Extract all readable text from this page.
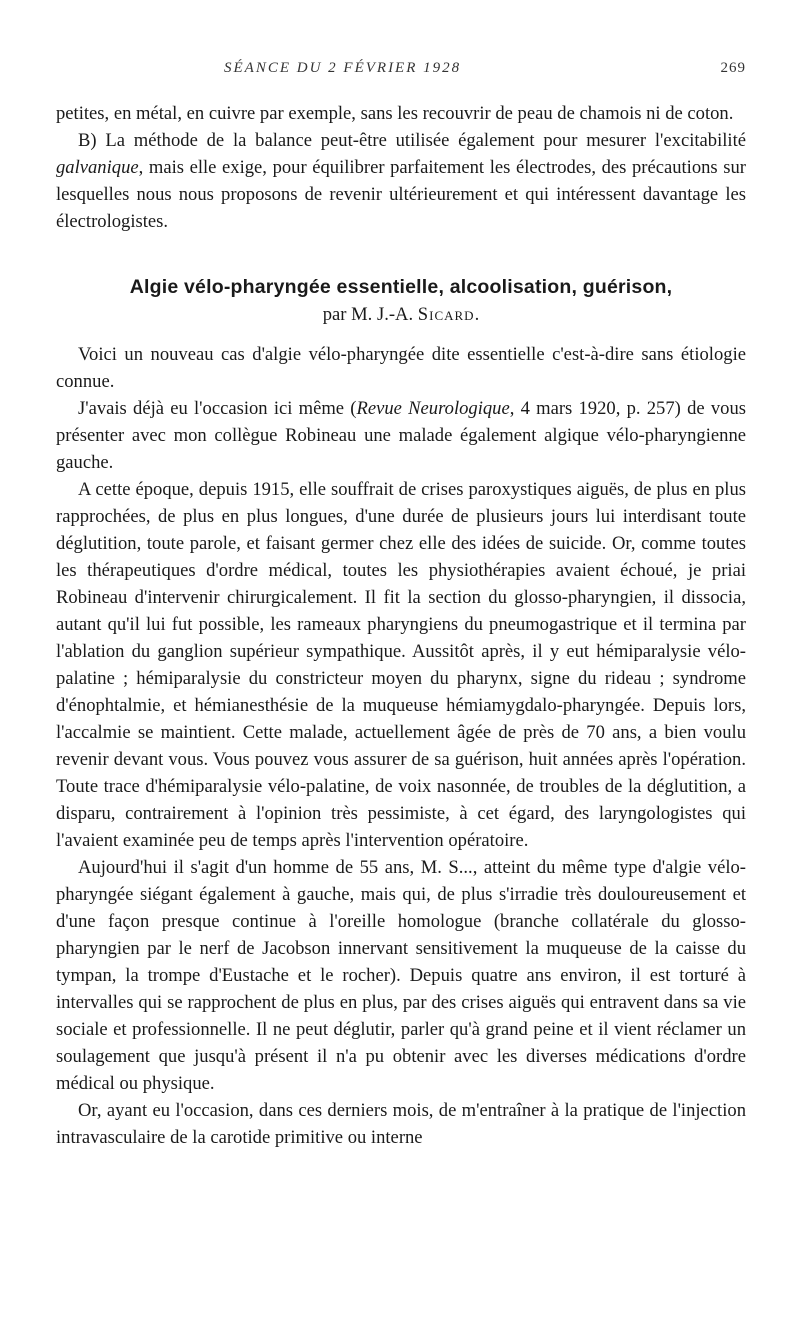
SÉANCE DU 2 FÉVRIER 1928	269

petites, en métal, en cuivre par exemple, sans les recouvrir de peau de chamois ni de coton.

B) La méthode de la balance peut-être utilisée également pour mesurer l'excitabilité galvanique, mais elle exige, pour équilibrer parfaitement les électrodes, des précautions sur lesquelles nous nous proposons de revenir ultérieurement et qui intéressent davantage les électrologistes.

Algie vélo-pharyngée essentielle, alcoolisation, guérison,
par M. J.-A. Sicard.

Voici un nouveau cas d'algie vélo-pharyngée dite essentielle c'est-à-dire sans étiologie connue.

J'avais déjà eu l'occasion ici même (Revue Neurologique, 4 mars 1920, p. 257) de vous présenter avec mon collègue Robineau une malade également algique vélo-pharyngienne gauche.

A cette époque, depuis 1915, elle souffrait de crises paroxystiques aiguës, de plus en plus rapprochées, de plus en plus longues, d'une durée de plusieurs jours lui interdisant toute déglutition, toute parole, et faisant germer chez elle des idées de suicide. Or, comme toutes les thérapeutiques d'ordre médical, toutes les physiothérapies avaient échoué, je priai Robineau d'intervenir chirurgicalement. Il fit la section du glosso-pharyngien, il dissocia, autant qu'il lui fut possible, les rameaux pharyngiens du pneumogastrique et il termina par l'ablation du ganglion supérieur sympathique. Aussitôt après, il y eut hémiparalysie vélo-palatine ; hémiparalysie du constricteur moyen du pharynx, signe du rideau ; syndrome d'énophtalmie, et hémianesthésie de la muqueuse hémiamygdalo-pharyngée. Depuis lors, l'accalmie se maintient. Cette malade, actuellement âgée de près de 70 ans, a bien voulu revenir devant vous. Vous pouvez vous assurer de sa guérison, huit années après l'opération. Toute trace d'hémiparalysie vélo-palatine, de voix nasonnée, de troubles de la déglutition, a disparu, contrairement à l'opinion très pessimiste, à cet égard, des laryngologistes qui l'avaient examinée peu de temps après l'intervention opératoire.

Aujourd'hui il s'agit d'un homme de 55 ans, M. S..., atteint du même type d'algie vélo-pharyngée siégant également à gauche, mais qui, de plus s'irradie très douloureusement et d'une façon presque continue à l'oreille homologue (branche collatérale du glosso-pharyngien par le nerf de Jacobson innervant sensitivement la muqueuse de la caisse du tympan, la trompe d'Eustache et le rocher). Depuis quatre ans environ, il est torturé à intervalles qui se rapprochent de plus en plus, par des crises aiguës qui entravent dans sa vie sociale et professionnelle. Il ne peut déglutir, parler qu'à grand peine et il vient réclamer un soulagement que jusqu'à présent il n'a pu obtenir avec les diverses médications d'ordre médical ou physique.

Or, ayant eu l'occasion, dans ces derniers mois, de m'entraîner à la pratique de l'injection intravasculaire de la carotide primitive ou interne
